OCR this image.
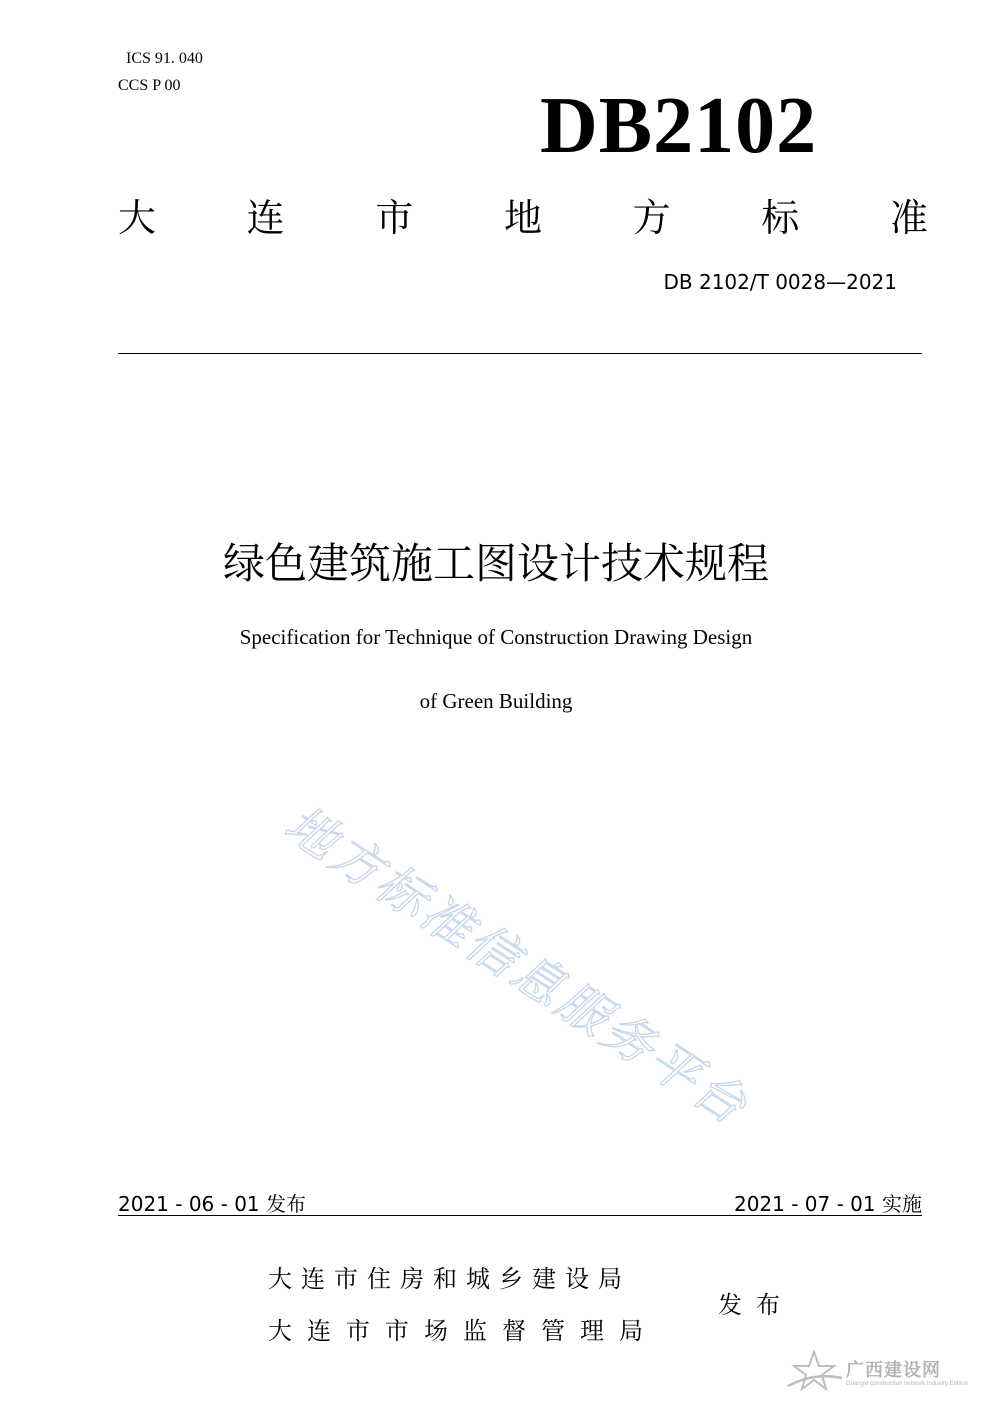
ICS 91. 040
CCS P 00	DB2102
大 连 市 地 方 标 准
DB 2102/T 0028—2021
绿色建筑施工图设计技术规程
Specification for Technique of Construction Drawing Design
of Green Building
地方标准信息服务平台
2021 - 06 - 01 发布	2021 - 07 - 01 实施
大连市住房和城乡建设局
大连市市场监督管理局
发布
广西建设网
Guangxi construction network Industry Edition
